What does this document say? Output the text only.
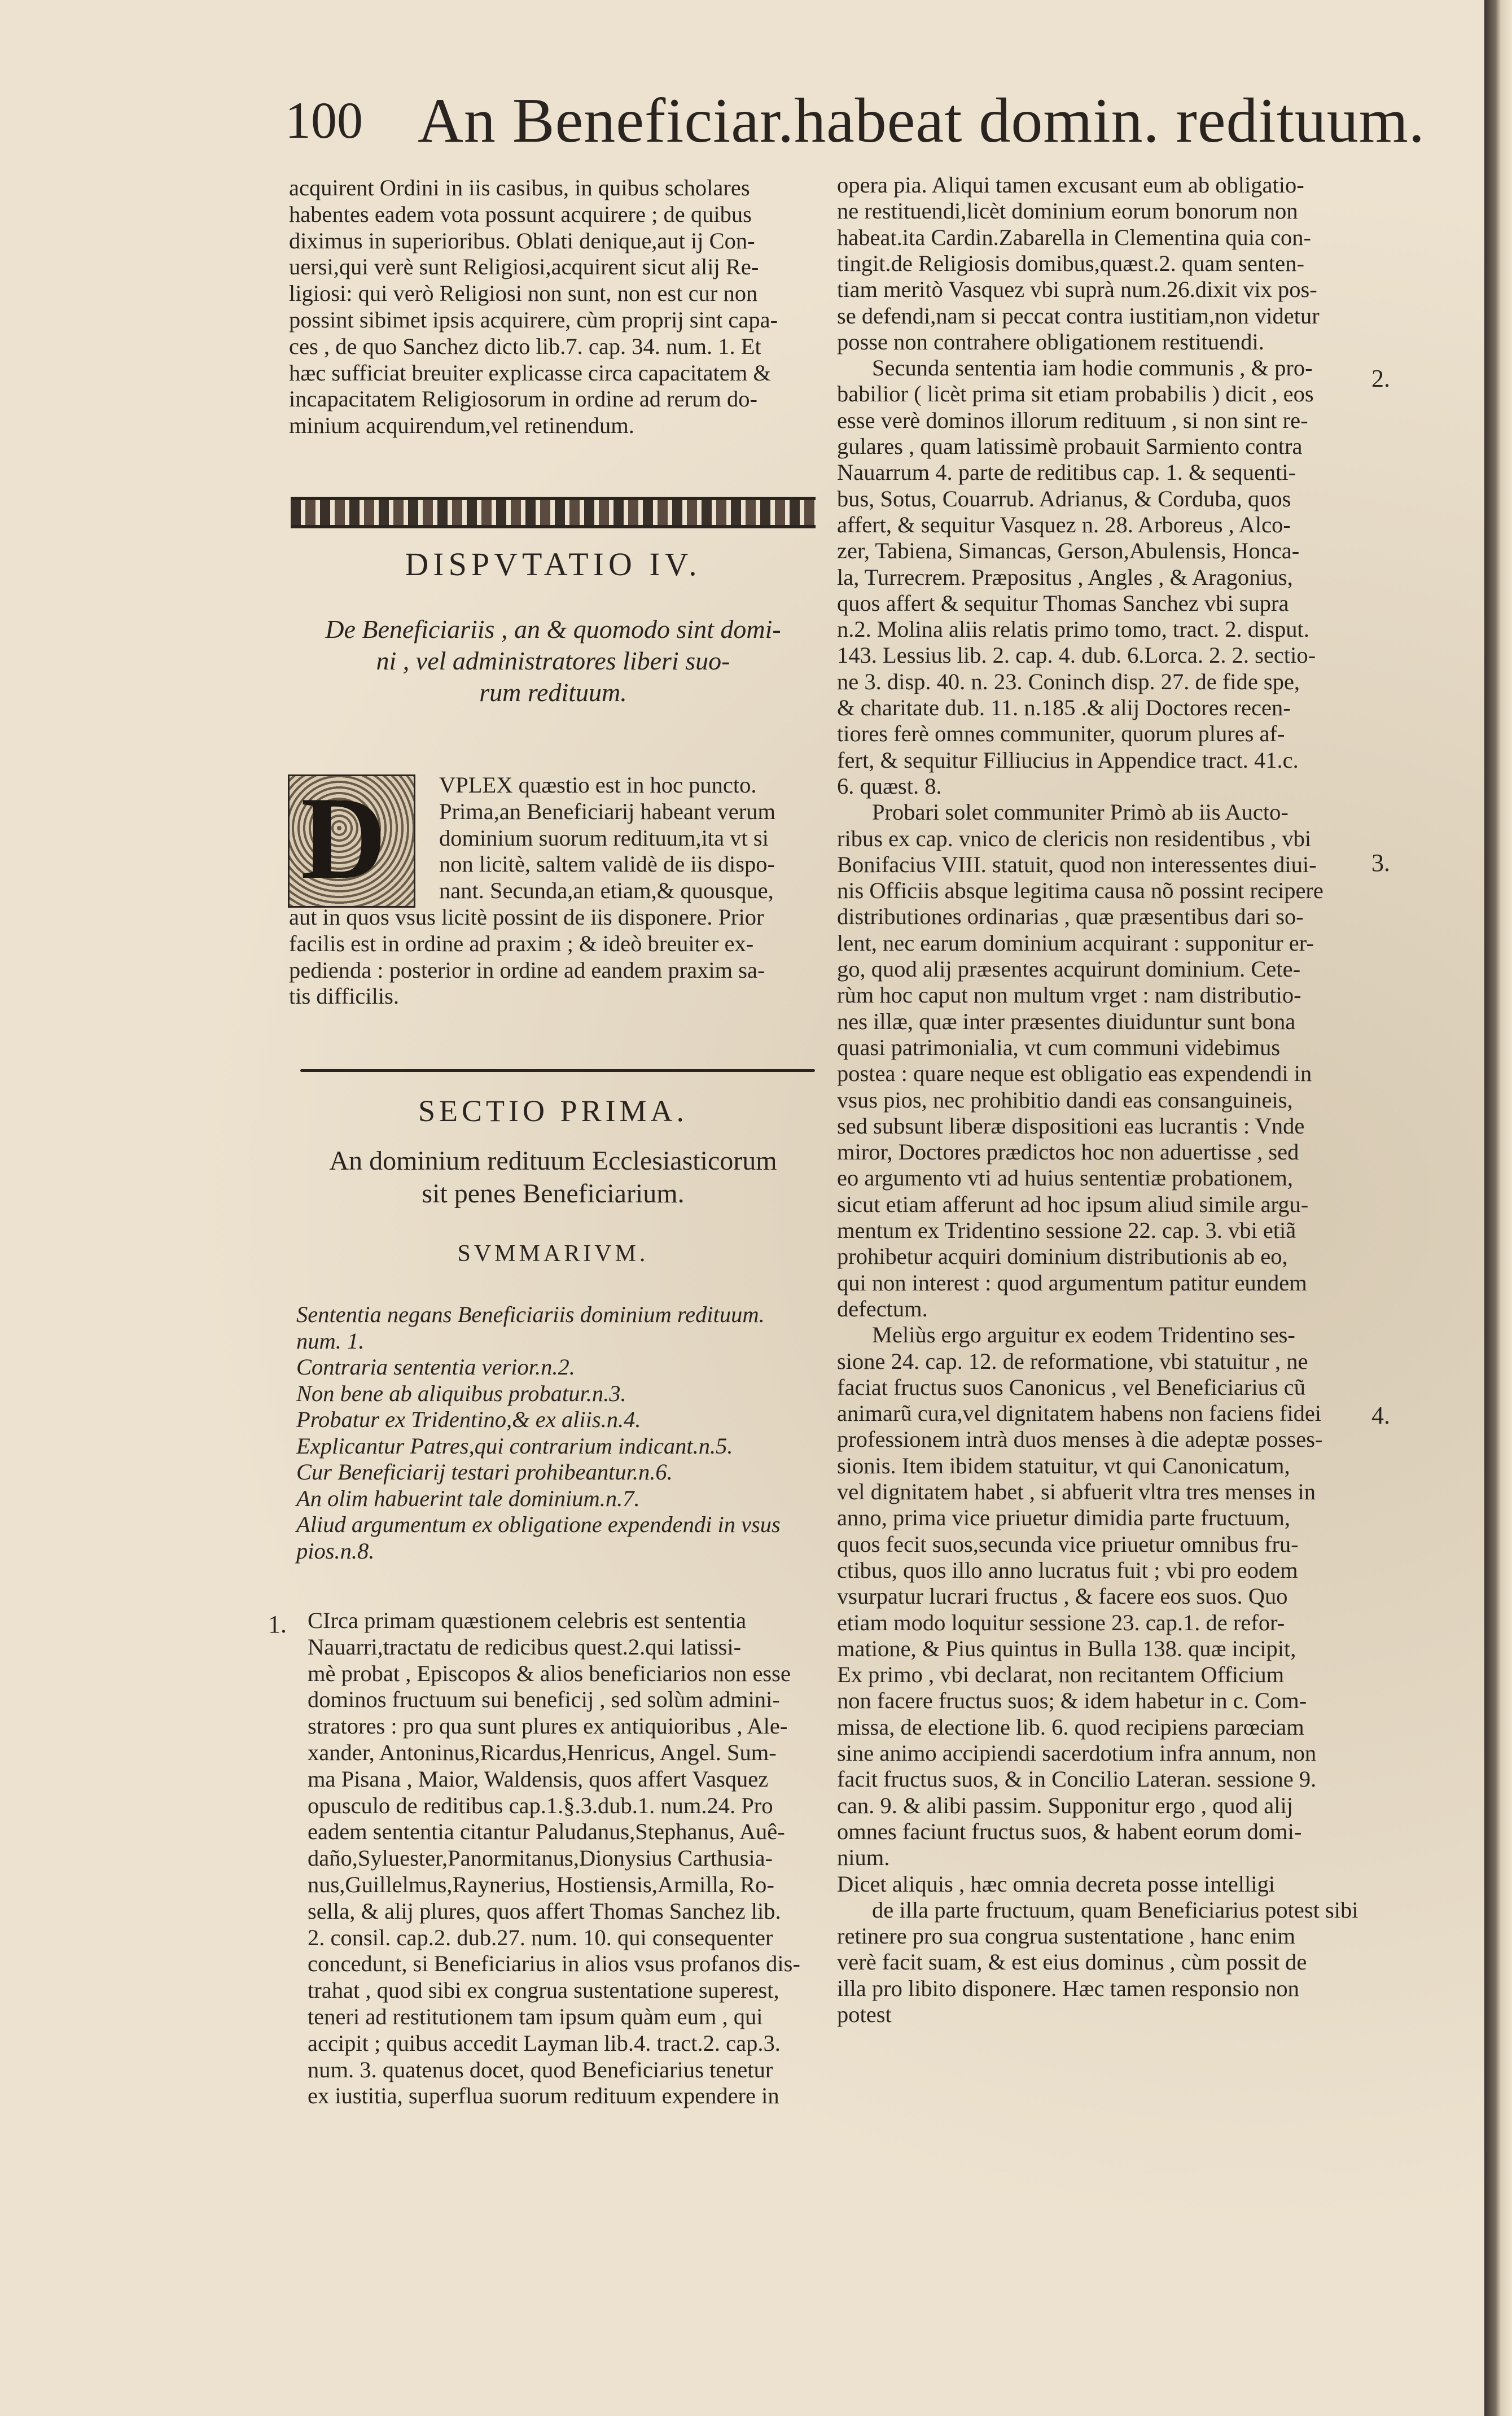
100 An Beneficiar.habeat domin. redituum.
acquirent Ordini in iis casibus, in quibus scholares
habentes eadem vota possunt acquirere ; de quibus
diximus in superioribus. Oblati denique,aut ij Con-
uersi,qui verè sunt Religiosi,acquirent sicut alij Re-
ligiosi: qui verò Religiosi non sunt, non est cur non
possint sibimet ipsis acquirere, cùm proprij sint capa-
ces , de quo Sanchez dicto lib.7. cap. 34. num. 1. Et
hæc sufficiat breuiter explicasse circa capacitatem &
incapacitatem Religiosorum in ordine ad rerum do-
minium acquirendum,vel retinendum.
DISPVTATIO IV.
De Beneficiariis , an & quomodo sint domi-
ni , vel administratores liberi suo-
rum redituum.
D VPLEX quæstio est in hoc puncto.
Prima,an Beneficiarij habeant verum
dominium suorum redituum,ita vt si
non licitè, saltem validè de iis dispo-
nant. Secunda,an etiam,& quousque,
aut in quos vsus licitè possint de iis disponere. Prior
facilis est in ordine ad praxim ; & ideò breuiter ex-
pedienda : posterior in ordine ad eandem praxim sa-
tis difficilis.
SECTIO PRIMA.
An dominium redituum Ecclesiasticorum
sit penes Beneficiarium.
SVMMARIVM.
Sententia negans Beneficiariis dominium redituum.
num. 1.
Contraria sententia verior.n.2.
Non bene ab aliquibus probatur.n.3.
Probatur ex Tridentino,& ex aliis.n.4.
Explicantur Patres,qui contrarium indicant.n.5.
Cur Beneficiarij testari prohibeantur.n.6.
An olim habuerint tale dominium.n.7.
Aliud argumentum ex obligatione expendendi in vsus
pios.n.8.
1. CIrca primam quæstionem celebris est sententia
Nauarri,tractatu de redicibus quest.2.qui latissi-
mè probat , Episcopos & alios beneficiarios non esse
dominos fructuum sui beneficij , sed solùm admini-
stratores : pro qua sunt plures ex antiquioribus , Ale-
xander, Antoninus,Ricardus,Henricus, Angel. Sum-
ma Pisana , Maior, Waldensis, quos affert Vasquez
opusculo de reditibus cap.1.§.3.dub.1. num.24. Pro
eadem sententia citantur Paludanus,Stephanus, Auê-
daño,Syluester,Panormitanus,Dionysius Carthusia-
nus,Guillelmus,Raynerius, Hostiensis,Armilla, Ro-
sella, & alij plures, quos affert Thomas Sanchez lib.
2. consil. cap.2. dub.27. num. 10. qui consequenter
concedunt, si Beneficiarius in alios vsus profanos dis-
trahat , quod sibi ex congrua sustentatione superest,
teneri ad restitutionem tam ipsum quàm eum , qui
accipit ; quibus accedit Layman lib.4. tract.2. cap.3.
num. 3. quatenus docet, quod Beneficiarius tenetur
ex iustitia, superflua suorum redituum expendere in
opera pia. Aliqui tamen excusant eum ab obligatio-
ne restituendi,licèt dominium eorum bonorum non
habeat.ita Cardin.Zabarella in Clementina quia con-
tingit.de Religiosis domibus,quæst.2. quam senten-
tiam meritò Vasquez vbi suprà num.26.dixit vix pos-
se defendi,nam si peccat contra iustitiam,non videtur
posse non contrahere obligationem restituendi.
Secunda sententia iam hodie communis , & pro-
babilior ( licèt prima sit etiam probabilis ) dicit , eos
esse verè dominos illorum redituum , si non sint re-
gulares , quam latissimè probauit Sarmiento contra
Nauarrum 4. parte de reditibus cap. 1. & sequenti-
bus, Sotus, Couarrub. Adrianus, & Corduba, quos
affert, & sequitur Vasquez n. 28. Arboreus , Alco-
zer, Tabiena, Simancas, Gerson,Abulensis, Honca-
la, Turrecrem. Præpositus , Angles , & Aragonius,
quos affert & sequitur Thomas Sanchez vbi supra
n.2. Molina aliis relatis primo tomo, tract. 2. disput.
143. Lessius lib. 2. cap. 4. dub. 6.Lorca. 2. 2. sectio-
ne 3. disp. 40. n. 23. Coninch disp. 27. de fide spe,
& charitate dub. 11. n.185 .& alij Doctores recen-
tiores ferè omnes communiter, quorum plures af-
fert, & sequitur Filliucius in Appendice tract. 41.c.
6. quæst. 8.
Probari solet communiter Primò ab iis Aucto-
ribus ex cap. vnico de clericis non residentibus , vbi
Bonifacius VIII. statuit, quod non interessentes diui-
nis Officiis absque legitima causa nõ possint recipere
distributiones ordinarias , quæ præsentibus dari so-
lent, nec earum dominium acquirant : supponitur er-
go, quod alij præsentes acquirunt dominium. Cete-
rùm hoc caput non multum vrget : nam distributio-
nes illæ, quæ inter præsentes diuiduntur sunt bona
quasi patrimonialia, vt cum communi videbimus
postea : quare neque est obligatio eas expendendi in
vsus pios, nec prohibitio dandi eas consanguineis,
sed subsunt liberæ dispositioni eas lucrantis : Vnde
miror, Doctores prædictos hoc non aduertisse , sed
eo argumento vti ad huius sententiæ probationem,
sicut etiam afferunt ad hoc ipsum aliud simile argu-
mentum ex Tridentino sessione 22. cap. 3. vbi etiã
prohibetur acquiri dominium distributionis ab eo,
qui non interest : quod argumentum patitur eundem
defectum.
Meliùs ergo arguitur ex eodem Tridentino ses-
sione 24. cap. 12. de reformatione, vbi statuitur , ne
faciat fructus suos Canonicus , vel Beneficiarius cũ
animarũ cura,vel dignitatem habens non faciens fidei
professionem intrà duos menses à die adeptæ posses-
sionis. Item ibidem statuitur, vt qui Canonicatum,
vel dignitatem habet , si abfuerit vltra tres menses in
anno, prima vice priuetur dimidia parte fructuum,
quos fecit suos,secunda vice priuetur omnibus fru-
ctibus, quos illo anno lucratus fuit ; vbi pro eodem
vsurpatur lucrari fructus , & facere eos suos. Quo
etiam modo loquitur sessione 23. cap.1. de refor-
matione, & Pius quintus in Bulla 138. quæ incipit,
Ex primo , vbi declarat, non recitantem Officium
non facere fructus suos; & idem habetur in c. Com-
missa, de electione lib. 6. quod recipiens parœciam
sine animo accipiendi sacerdotium infra annum, non
facit fructus suos, & in Concilio Lateran. sessione 9.
can. 9. & alibi passim. Supponitur ergo , quod alij
omnes faciunt fructus suos, & habent eorum domi-
nium.
Dicet aliquis , hæc omnia decreta posse intelligi
de illa parte fructuum, quam Beneficiarius potest sibi
retinere pro sua congrua sustentatione , hanc enim
verè facit suam, & est eius dominus , cùm possit de
illa pro libito disponere. Hæc tamen responsio non
potest
2.
3.
4.
